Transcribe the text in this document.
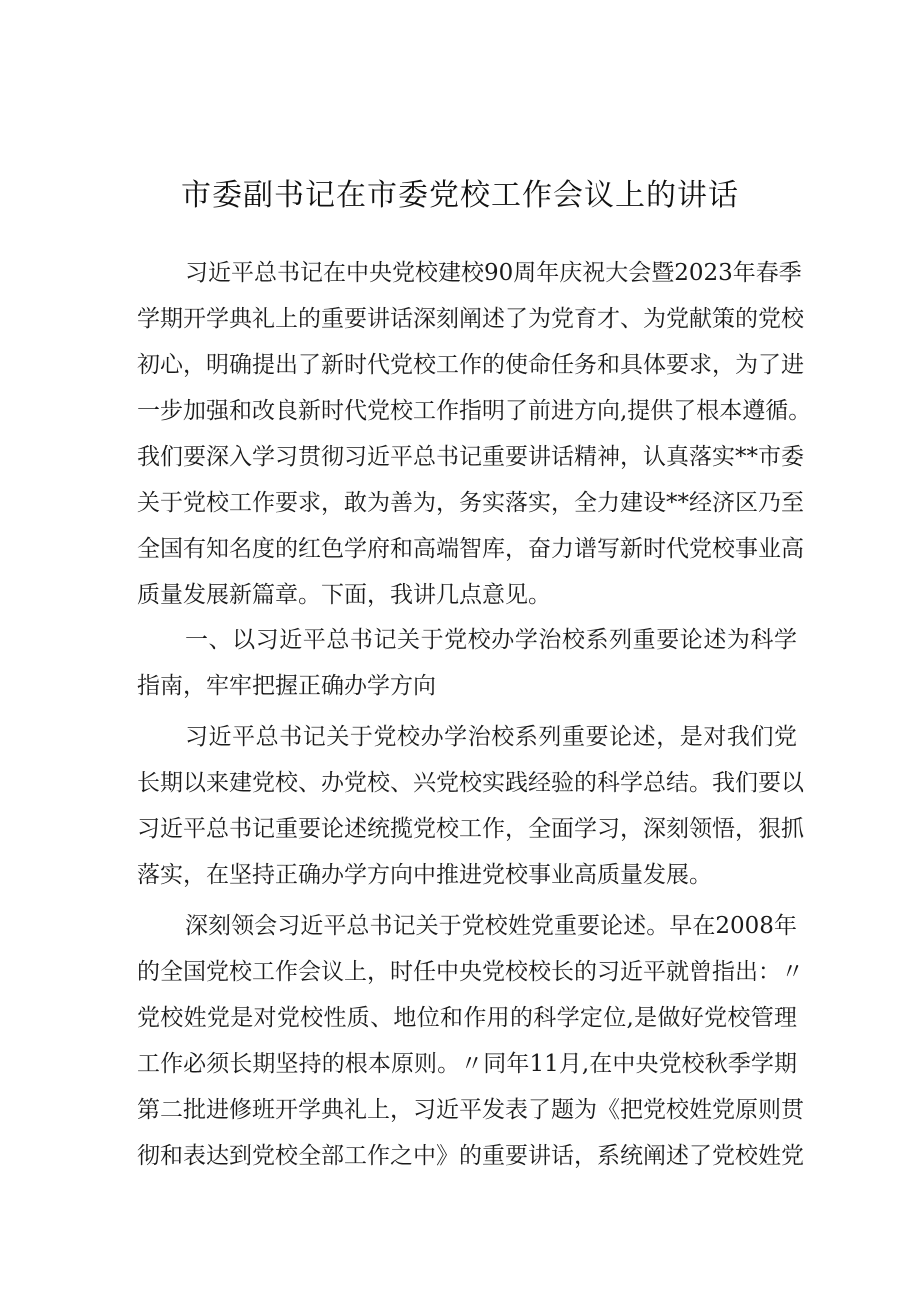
市委副书记在市委党校工作会议上的讲话

习近平总书记在中央党校建校90周年庆祝大会暨2023年春季

学期开学典礼上的重要讲话深刻阐述了为党育才、为党献策的党校

初心，明确提出了新时代党校工作的使命任务和具体要求，为了进

一步加强和改良新时代党校工作指明了前进方向,提供了根本遵循。

我们要深入学习贯彻习近平总书记重要讲话精神，认真落实**市委

关于党校工作要求，敢为善为，务实落实，全力建设**经济区乃至

全国有知名度的红色学府和高端智库，奋力谱写新时代党校事业高

质量发展新篇章。下面，我讲几点意见。

一、以习近平总书记关于党校办学治校系列重要论述为科学

指南，牢牢把握正确办学方向

习近平总书记关于党校办学治校系列重要论述，是对我们党

长期以来建党校、办党校、兴党校实践经验的科学总结。我们要以

习近平总书记重要论述统揽党校工作，全面学习，深刻领悟，狠抓

落实，在坚持正确办学方向中推进党校事业高质量发展。

深刻领会习近平总书记关于党校姓党重要论述。早在2008年

的全国党校工作会议上，时任中央党校校长的习近平就曾指出：〃

党校姓党是对党校性质、地位和作用的科学定位,是做好党校管理

工作必须长期坚持的根本原则。〃同年11月,在中央党校秋季学期

第二批进修班开学典礼上，习近平发表了题为《把党校姓党原则贯

彻和表达到党校全部工作之中》的重要讲话，系统阐述了党校姓党
